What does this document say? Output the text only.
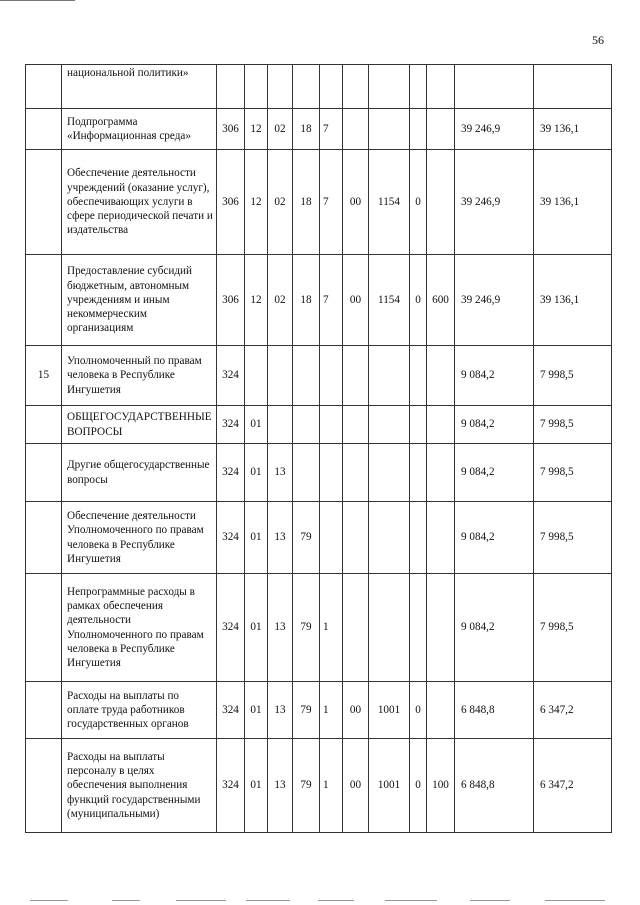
56
	национальной политики»											
	Подпрограмма «Информационная среда»	306	12	02	18	7					39 246,9	39 136,1
	Обеспечение деятельности учреждений (оказание услуг), обеспечивающих услуги в сфере периодической печати и издательства	306	12	02	18	7	00	1154	0		39 246,9	39 136,1
	Предоставление субсидий бюджетным, автономным учреждениям и иным некоммерческим организациям	306	12	02	18	7	00	1154	0	600	39 246,9	39 136,1
15	Уполномоченный по правам человека в Республике Ингушетия	324									9 084,2	7 998,5
	ОБЩЕГОСУДАРСТВЕННЫЕ ВОПРОСЫ	324	01								9 084,2	7 998,5
	Другие общегосударственные вопросы	324	01	13							9 084,2	7 998,5
	Обеспечение деятельности Уполномоченного по правам человека в Республике Ингушетия	324	01	13	79						9 084,2	7 998,5
	Непрограммные расходы в рамках обеспечения деятельности Уполномоченного по правам человека в Республике Ингушетия	324	01	13	79	1					9 084,2	7 998,5
	Расходы на выплаты по оплате труда работников государственных органов	324	01	13	79	1	00	1001	0		6 848,8	6 347,2
	Расходы на выплаты персоналу в целях обеспечения выполнения функций государственными (муниципальными)	324	01	13	79	1	00	1001	0	100	6 848,8	6 347,2
